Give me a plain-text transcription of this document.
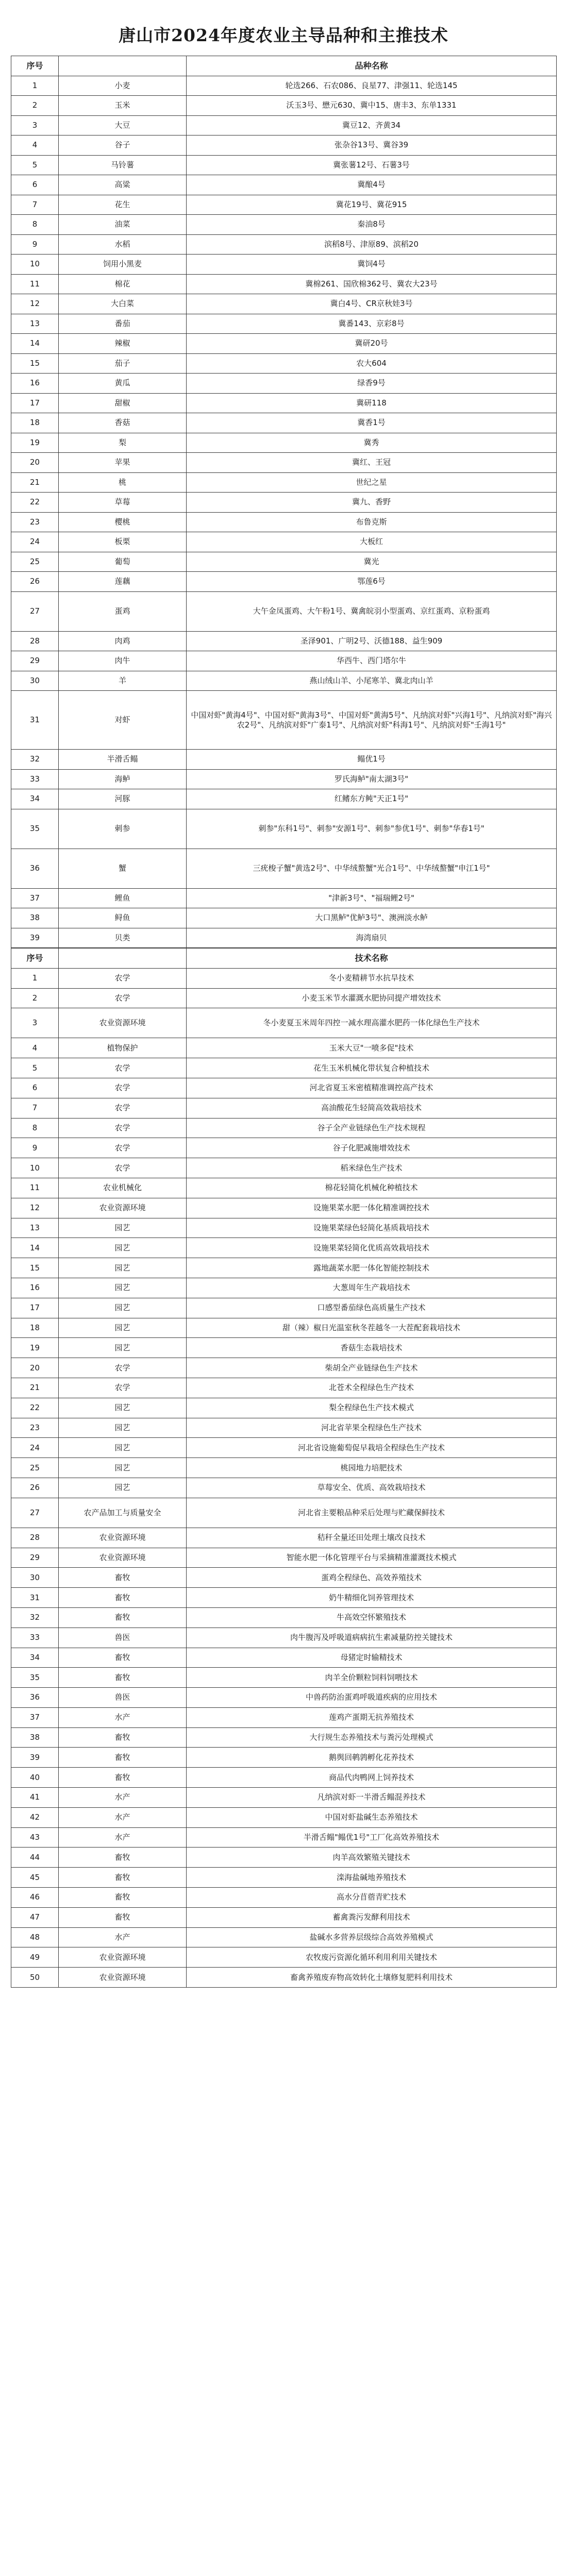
唐山市2024年度农业主导品种和主推技术
序号		品种名称
1	小麦	轮选266、石农086、良星77、津强11、轮选145
2	玉米	沃玉3号、懋元630、冀中15、唐丰3、东单1331
3	大豆	冀豆12、齐黄34
4	谷子	张杂谷13号、冀谷39
5	马铃薯	冀张薯12号、石薯3号
6	高粱	冀酿4号
7	花生	冀花19号、冀花915
8	油菜	秦油8号
9	水稻	滨稻8号、津原89、滨稻20
10	饲用小黑麦	冀饲4号
11	棉花	冀棉261、国欣棉362号、冀农大23号
12	大白菜	冀白4号、CR京秋娃3号
13	番茄	冀番143、京彩8号
14	辣椒	冀研20号
15	茄子	农大604
16	黄瓜	绿香9号
17	甜椒	冀研118
18	香菇	冀香1号
19	梨	冀秀
20	苹果	冀红、王冠
21	桃	世纪之星
22	草莓	冀九、香野
23	樱桃	布鲁克斯
24	板栗	大板红
25	葡萄	冀光
26	莲藕	鄂莲6号
27	蛋鸡	大午金凤蛋鸡、大午粉1号、冀禽皖羽小型蛋鸡、京红蛋鸡、京粉蛋鸡
28	肉鸡	圣泽901、广明2号、沃德188、益生909
29	肉牛	华西牛、西门塔尔牛
30	羊	燕山绒山羊、小尾寒羊、冀北肉山羊
31	对虾	中国对虾"黄海4号"、中国对虾"黄海3号"、中国对虾"黄海5号"、凡纳滨对虾"兴海1号"、凡纳滨对虾"海兴农2号"、凡纳滨对虾"广泰1号"、凡纳滨对虾"科海1号"、凡纳滨对虾"壬海1号"
32	半滑舌鳎	鳎优1号
33	海鲈	罗氏海鲈"南太湖3号"
34	河豚	红鳍东方鲀"天正1号"
35	刺参	刺参"东科1号"、刺参"安源1号"、刺参"参优1号"、刺参"华春1号"
36	蟹	三疣梭子蟹"黄选2号"、中华绒螯蟹"光合1号"、中华绒螯蟹"申江1号"
37	鲤鱼	"津新3号"、"福瑞鲤2号"
38	鲟鱼	大口黑鲈"优鲈3号"、澳洲淡水鲈
39	贝类	海湾扇贝
序号		技术名称
1	农学	冬小麦精耕节水抗旱技术
2	农学	小麦玉米节水灌溉水肥协同提产增效技术
3	农业资源环境	冬小麦夏玉米周年四控一减水理高灌水肥药一体化绿色生产技术
4	植物保护	玉米大豆"一喷多促"技术
5	农学	花生玉米机械化带状复合种植技术
6	农学	河北省夏玉米密植精准调控高产技术
7	农学	高油酸花生轻简高效栽培技术
8	农学	谷子全产业链绿色生产技术规程
9	农学	谷子化肥减施增效技术
10	农学	稻米绿色生产技术
11	农业机械化	棉花轻简化机械化种植技术
12	农业资源环境	设施果菜水肥一体化精准调控技术
13	园艺	设施果菜绿色轻简化基质栽培技术
14	园艺	设施果菜轻简化优质高效栽培技术
15	园艺	露地蔬菜水肥一体化智能控制技术
16	园艺	大葱周年生产栽培技术
17	园艺	口感型番茄绿色高质量生产技术
18	园艺	甜（辣）椒日光温室秋冬茬越冬一大茬配套栽培技术
19	园艺	香菇生态栽培技术
20	农学	柴胡全产业链绿色生产技术
21	农学	北苍术全程绿色生产技术
22	园艺	梨全程绿色生产技术模式
23	园艺	河北省苹果全程绿色生产技术
24	园艺	河北省设施葡萄促早栽培全程绿色生产技术
25	园艺	桃园地力培肥技术
26	园艺	草莓安全、优质、高效栽培技术
27	农产品加工与质量安全	河北省主要粮品种采后处理与贮藏保鲜技术
28	农业资源环境	秸秆全量还田处理土壤改良技术
29	农业资源环境	智能水肥一体化管理平台与采摘精准灌溉技术模式
30	畜牧	蛋鸡全程绿色、高效养殖技术
31	畜牧	奶牛精细化饲养管理技术
32	畜牧	牛高效空怀繁殖技术
33	兽医	肉牛腹泻及呼吸道病病抗生素减量防控关键技术
34	畜牧	母猪定时输精技术
35	畜牧	肉羊全价颗粒饲料饲喂技术
36	兽医	中兽药防治蛋鸡呼吸道疾病的应用技术
37	水产	莲鸡产蛋期无抗养殖技术
38	畜牧	大行规生态养殖技术与粪污处理模式
39	畜牧	鹅舆回鹌鹑孵化花养技术
40	畜牧	商品代肉鸭网上饲养技术
41	水产	凡纳滨对虾一半滑舌鳎混养技术
42	水产	中国对虾盐碱生态养殖技术
43	水产	半滑舌鳎"鳎优1号"工厂化高效养殖技术
44	畜牧	肉羊高效繁殖关键技术
45	畜牧	滦海盐碱地养殖技术
46	畜牧	高水分苜蓿青贮技术
47	畜牧	蓄禽粪污发酵利用技术
48	水产	盐碱水多营养层级综合高效养殖模式
49	农业资源环境	农牧废污资源化循环利用利用关键技术
50	农业资源环境	畜禽养殖废弃物高效转化土壤修复肥料利用技术
